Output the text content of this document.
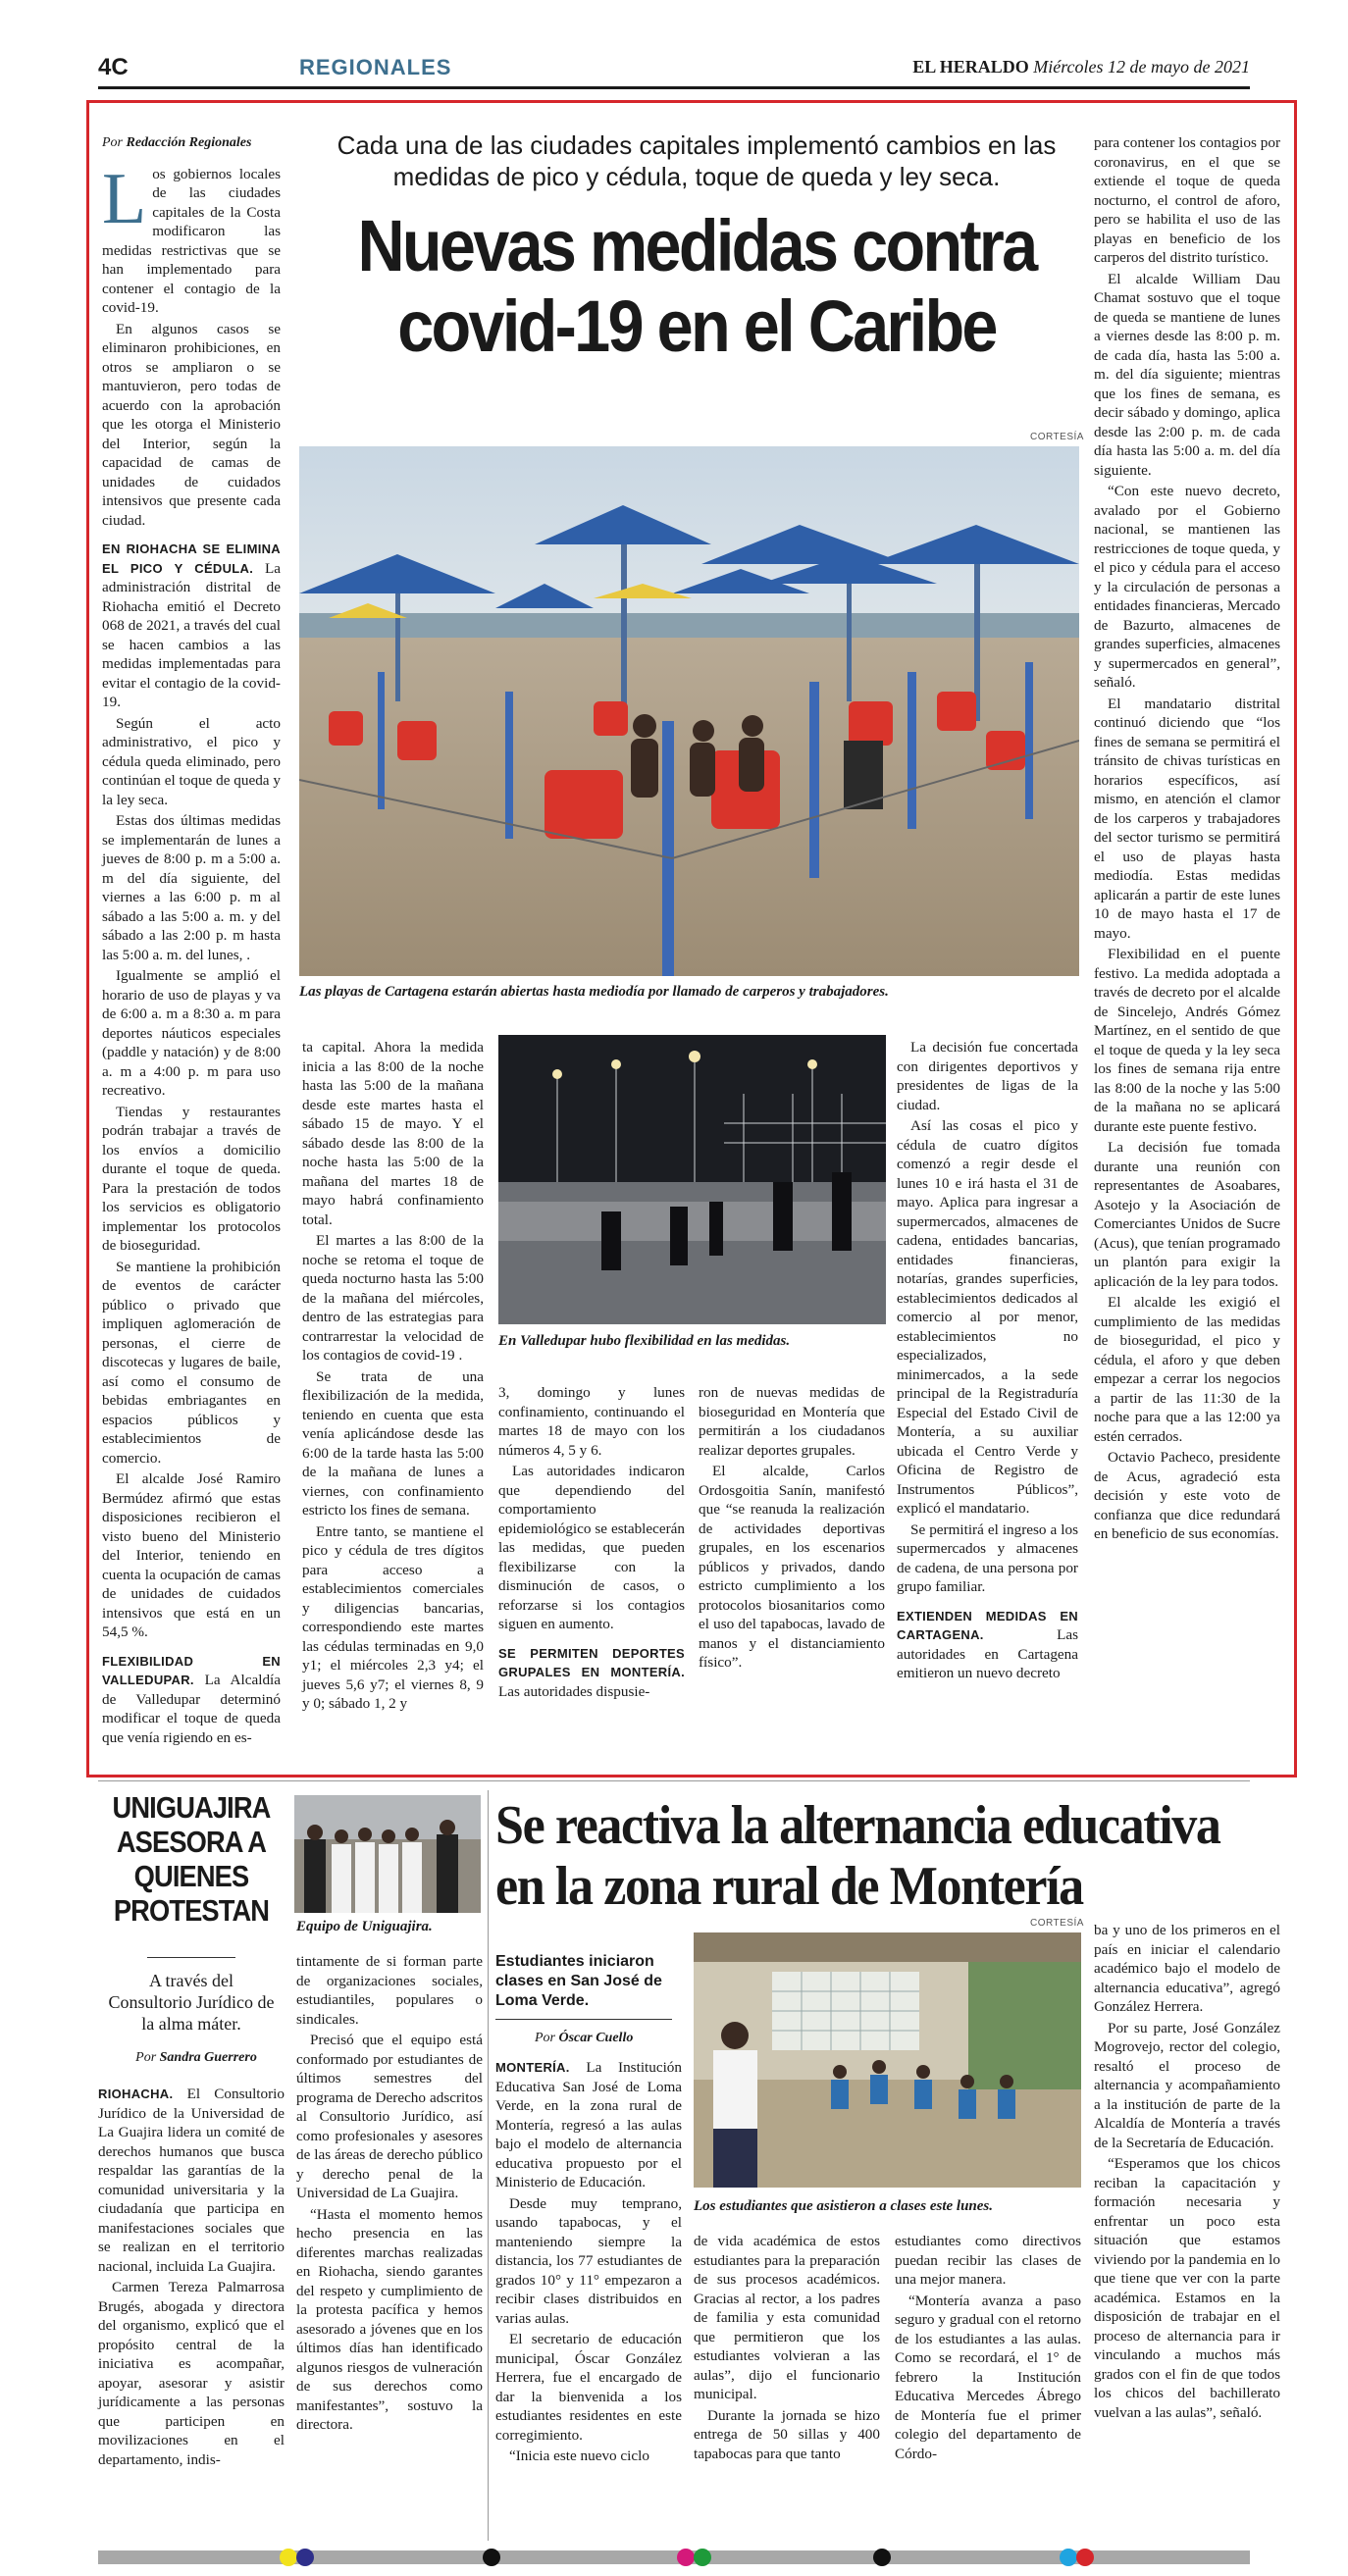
4C	REGIONALES	EL HERALDO Miércoles 12 de mayo de 2021
Cada una de las ciudades capitales implementó cambios en las medidas de pico y cédula, toque de queda y ley seca.
Nuevas medidas contra
covid-19 en el Caribe
Por Redacción Regionales

Los gobiernos locales de las ciudades capitales de la Costa modificaron las medidas restrictivas que se han implementado para contener el contagio de la covid-19.

En algunos casos se eliminaron prohibiciones, en otros se ampliaron o se mantuvieron, pero todas de acuerdo con la aprobación que les otorga el Ministerio del Interior, según la capacidad de camas de unidades de cuidados intensivos que presente cada ciudad.

EN RIOHACHA SE ELIMINA EL PICO Y CÉDULA. La administración distrital de Riohacha emitió el Decreto 068 de 2021, a través del cual se hacen cambios a las medidas implementadas para evitar el contagio de la covid-19.

Según el acto administrativo, el pico y cédula queda eliminado, pero continúan el toque de queda y la ley seca.

Estas dos últimas medidas se implementarán de lunes a jueves de 8:00 p. m a 5:00 a. m del día siguiente, del viernes a las 6:00 p. m al sábado a las 5:00 a. m. y del sábado a las 2:00 p. m hasta las 5:00 a. m. del lunes, .

Igualmente se amplió el horario de uso de playas y va de 6:00 a. m a 8:30 a. m para deportes náuticos especiales (paddle y natación) y de 8:00 a. m a 4:00 p. m para uso recreativo.

Tiendas y restaurantes podrán trabajar a través de los envíos a domicilio durante el toque de queda. Para la prestación de todos los servicios es obligatorio implementar los protocolos de bioseguridad.

Se mantiene la prohibición de eventos de carácter público o privado que impliquen aglomeración de personas, el cierre de discotecas y lugares de baile, así como el consumo de bebidas embriagantes en espacios públicos y establecimientos de comercio.

El alcalde José Ramiro Bermúdez afirmó que estas disposiciones recibieron el visto bueno del Ministerio del Interior, teniendo en cuenta la ocupación de camas de unidades de cuidados intensivos que está en un 54,5 %.

FLEXIBILIDAD EN VALLEDUPAR. La Alcaldía de Valledupar determinó modificar el toque de queda que venía rigiendo en es-

CORTESÍA
Las playas de Cartagena estarán abiertas hasta mediodía por llamado de carperos y trabajadores.
En Valledupar hubo flexibilidad en las medidas.

ta capital. Ahora la medida inicia a las 8:00 de la noche hasta las 5:00 de la mañana desde este martes hasta el sábado 15 de mayo. Y el sábado desde las 8:00 de la noche hasta las 5:00 de la mañana del martes 18 de mayo habrá confinamiento total.

El martes a las 8:00 de la noche se retoma el toque de queda nocturno hasta las 5:00 de la mañana del miércoles, dentro de las estrategias para contrarrestar la velocidad de los contagios de covid-19 .

Se trata de una flexibilización de la medida, teniendo en cuenta que esta venía aplicándose desde las 6:00 de la tarde hasta las 5:00 de la mañana de lunes a viernes, con confinamiento estricto los fines de semana.

Entre tanto, se mantiene el pico y cédula de tres dígitos para acceso a establecimientos comerciales y diligencias bancarias, correspondiendo este martes las cédulas terminadas en 9,0 y1; el miércoles 2,3 y4; el jueves 5,6 y7; el viernes 8, 9 y 0; sábado 1, 2 y

3, domingo y lunes confinamiento, continuando el martes 18 de mayo con los números 4, 5 y 6.

Las autoridades indicaron que dependiendo del comportamiento epidemiológico se establecerán las medidas, que pueden flexibilizarse con la disminución de casos, o reforzarse si los contagios siguen en aumento.

SE PERMITEN DEPORTES GRUPALES EN MONTERÍA. Las autoridades dispusie-

ron de nuevas medidas de bioseguridad en Montería que permitirán a los ciudadanos realizar deportes grupales.

El alcalde, Carlos Ordosgoitia Sanín, manifestó que “se reanuda la realización de actividades deportivas grupales, en los escenarios públicos y privados, dando estricto cumplimiento a los protocolos biosanitarios como el uso del tapabocas, lavado de manos y el distanciamiento físico”.

La decisión fue concertada con dirigentes deportivos y presidentes de ligas de la ciudad.

Así las cosas el pico y cédula de cuatro dígitos comenzó a regir desde el lunes 10 e irá hasta el 31 de mayo. Aplica para ingresar a supermercados, almacenes de cadena, entidades bancarias, entidades financieras, notarías, grandes superficies, establecimientos dedicados al comercio al por menor, establecimientos no especializados, minimercados, a la sede principal de la Registraduría Especial del Estado Civil de Montería, a su auxiliar ubicada el Centro Verde y Oficina de Registro de Instrumentos Públicos”, explicó el mandatario.

Se permitirá el ingreso a los supermercados y almacenes de cadena, de una persona por grupo familiar.

EXTIENDEN MEDIDAS EN CARTAGENA. Las autoridades en Cartagena emitieron un nuevo decreto

para contener los contagios por coronavirus, en el que se extiende el toque de queda nocturno, el control de aforo, pero se habilita el uso de las playas en beneficio de los carperos del distrito turístico.

El alcalde William Dau Chamat sostuvo que el toque de queda se mantiene de lunes a viernes desde las 8:00 p. m. de cada día, hasta las 5:00 a. m. del día siguiente; mientras que los fines de semana, es decir sábado y domingo, aplica desde las 2:00 p. m. de cada día hasta las 5:00 a. m. del día siguiente.

“Con este nuevo decreto, avalado por el Gobierno nacional, se mantienen las restricciones de toque queda, y el pico y cédula para el acceso y la circulación de personas a entidades financieras, Mercado de Bazurto, almacenes de grandes superficies, almacenes y supermercados en general”, señaló.

El mandatario distrital continuó diciendo que “los fines de semana se permitirá el tránsito de chivas turísticas en horarios específicos, así mismo, en atención el clamor de los carperos y trabajadores del sector turismo se permitirá el uso de playas hasta mediodía. Estas medidas aplicarán a partir de este lunes 10 de mayo hasta el 17 de mayo.

Flexibilidad en el puente festivo. La medida adoptada a través de decreto por el alcalde de Sincelejo, Andrés Gómez Martínez, en el sentido de que el toque de queda y la ley seca los fines de semana rija entre las 8:00 de la noche y las 5:00 de la mañana no se aplicará durante este puente festivo.

La decisión fue tomada durante una reunión con representantes de Asoabares, Asotejo y la Asociación de Comerciantes Unidos de Sucre (Acus), que tenían programado un plantón para exigir la aplicación de la ley para todos.

El alcalde les exigió el cumplimiento de las medidas de bioseguridad, el pico y cédula, el aforo y que deben empezar a cerrar los negocios a partir de las 11:30 de la noche para que a las 12:00 ya estén cerrados.

Octavio Pacheco, presidente de Acus, agradeció esta decisión y este voto de confianza que dice redundará en beneficio de sus economías.

UNIGUAJIRA ASESORA A QUIENES PROTESTAN
A través del Consultorio Jurídico de la alma máter.
Por Sandra Guerrero
Equipo de Uniguajira.

RIOHACHA. El Consultorio Jurídico de la Universidad de La Guajira lidera un comité de derechos humanos que busca respaldar las garantías de la comunidad universitaria y la ciudadanía que participa en manifestaciones sociales que se realizan en el territorio nacional, incluida La Guajira.

Carmen Tereza Palmarrosa Brugés, abogada y directora del organismo, explicó que el propósito central de la iniciativa es acompañar, apoyar, asesorar y asistir jurídicamente a las personas que participen en movilizaciones en el departamento, indis-

tintamente de si forman parte de organizaciones sociales, estudiantiles, populares o sindicales.

Precisó que el equipo está conformado por estudiantes de últimos semestres del programa de Derecho adscritos al Consultorio Jurídico, así como profesionales y asesores de las áreas de derecho público y derecho penal de la Universidad de La Guajira.

“Hasta el momento hemos hecho presencia en las diferentes marchas realizadas en Riohacha, siendo garantes del respeto y cumplimiento de la protesta pacífica y hemos asesorado a jóvenes que en los últimos días han identificado algunos riesgos de vulneración de sus derechos como manifestantes”, sostuvo la directora.

Se reactiva la alternancia educativa
en la zona rural de Montería
Estudiantes iniciaron clases en San José de Loma Verde.
Por Óscar Cuello
CORTESÍA
Los estudiantes que asistieron a clases este lunes.

MONTERÍA. La Institución Educativa San José de Loma Verde, en la zona rural de Montería, regresó a las aulas bajo el modelo de alternancia educativa propuesto por el Ministerio de Educación.

Desde muy temprano, usando tapabocas, y el manteniendo siempre la distancia, los 77 estudiantes de grados 10° y 11° empezaron a recibir clases distribuidos en varias aulas.

El secretario de educación municipal, Óscar González Herrera, fue el encargado de dar la bienvenida a los estudiantes residentes en este corregimiento.

“Inicia este nuevo ciclo

de vida académica de estos estudiantes para la preparación de sus procesos académicos. Gracias al rector, a los padres de familia y esta comunidad que permitieron que los estudiantes volvieran a las aulas”, dijo el funcionario municipal.

Durante la jornada se hizo entrega de 50 sillas y 400 tapabocas para que tanto

estudiantes como directivos puedan recibir las clases de una mejor manera.

“Montería avanza a paso seguro y gradual con el retorno de los estudiantes a las aulas. Como se recordará, el 1° de febrero la Institución Educativa Mercedes Ábrego de Montería fue el primer colegio del departamento de Córdo-

ba y uno de los primeros en el país en iniciar el calendario académico bajo el modelo de alternancia educativa”, agregó González Herrera.

Por su parte, José González Mogrovejo, rector del colegio, resaltó el proceso de alternancia y acompañamiento a la institución de parte de la Alcaldía de Montería a través de la Secretaría de Educación.

“Esperamos que los chicos reciban la capacitación y formación necesaria y enfrentar un poco esta situación que estamos viviendo por la pandemia en lo que tiene que ver con la parte académica. Estamos en la disposición de trabajar en el proceso de alternancia para ir vinculando a muchos más grados con el fin de que todos los chicos del bachillerato vuelvan a las aulas”, señaló.
